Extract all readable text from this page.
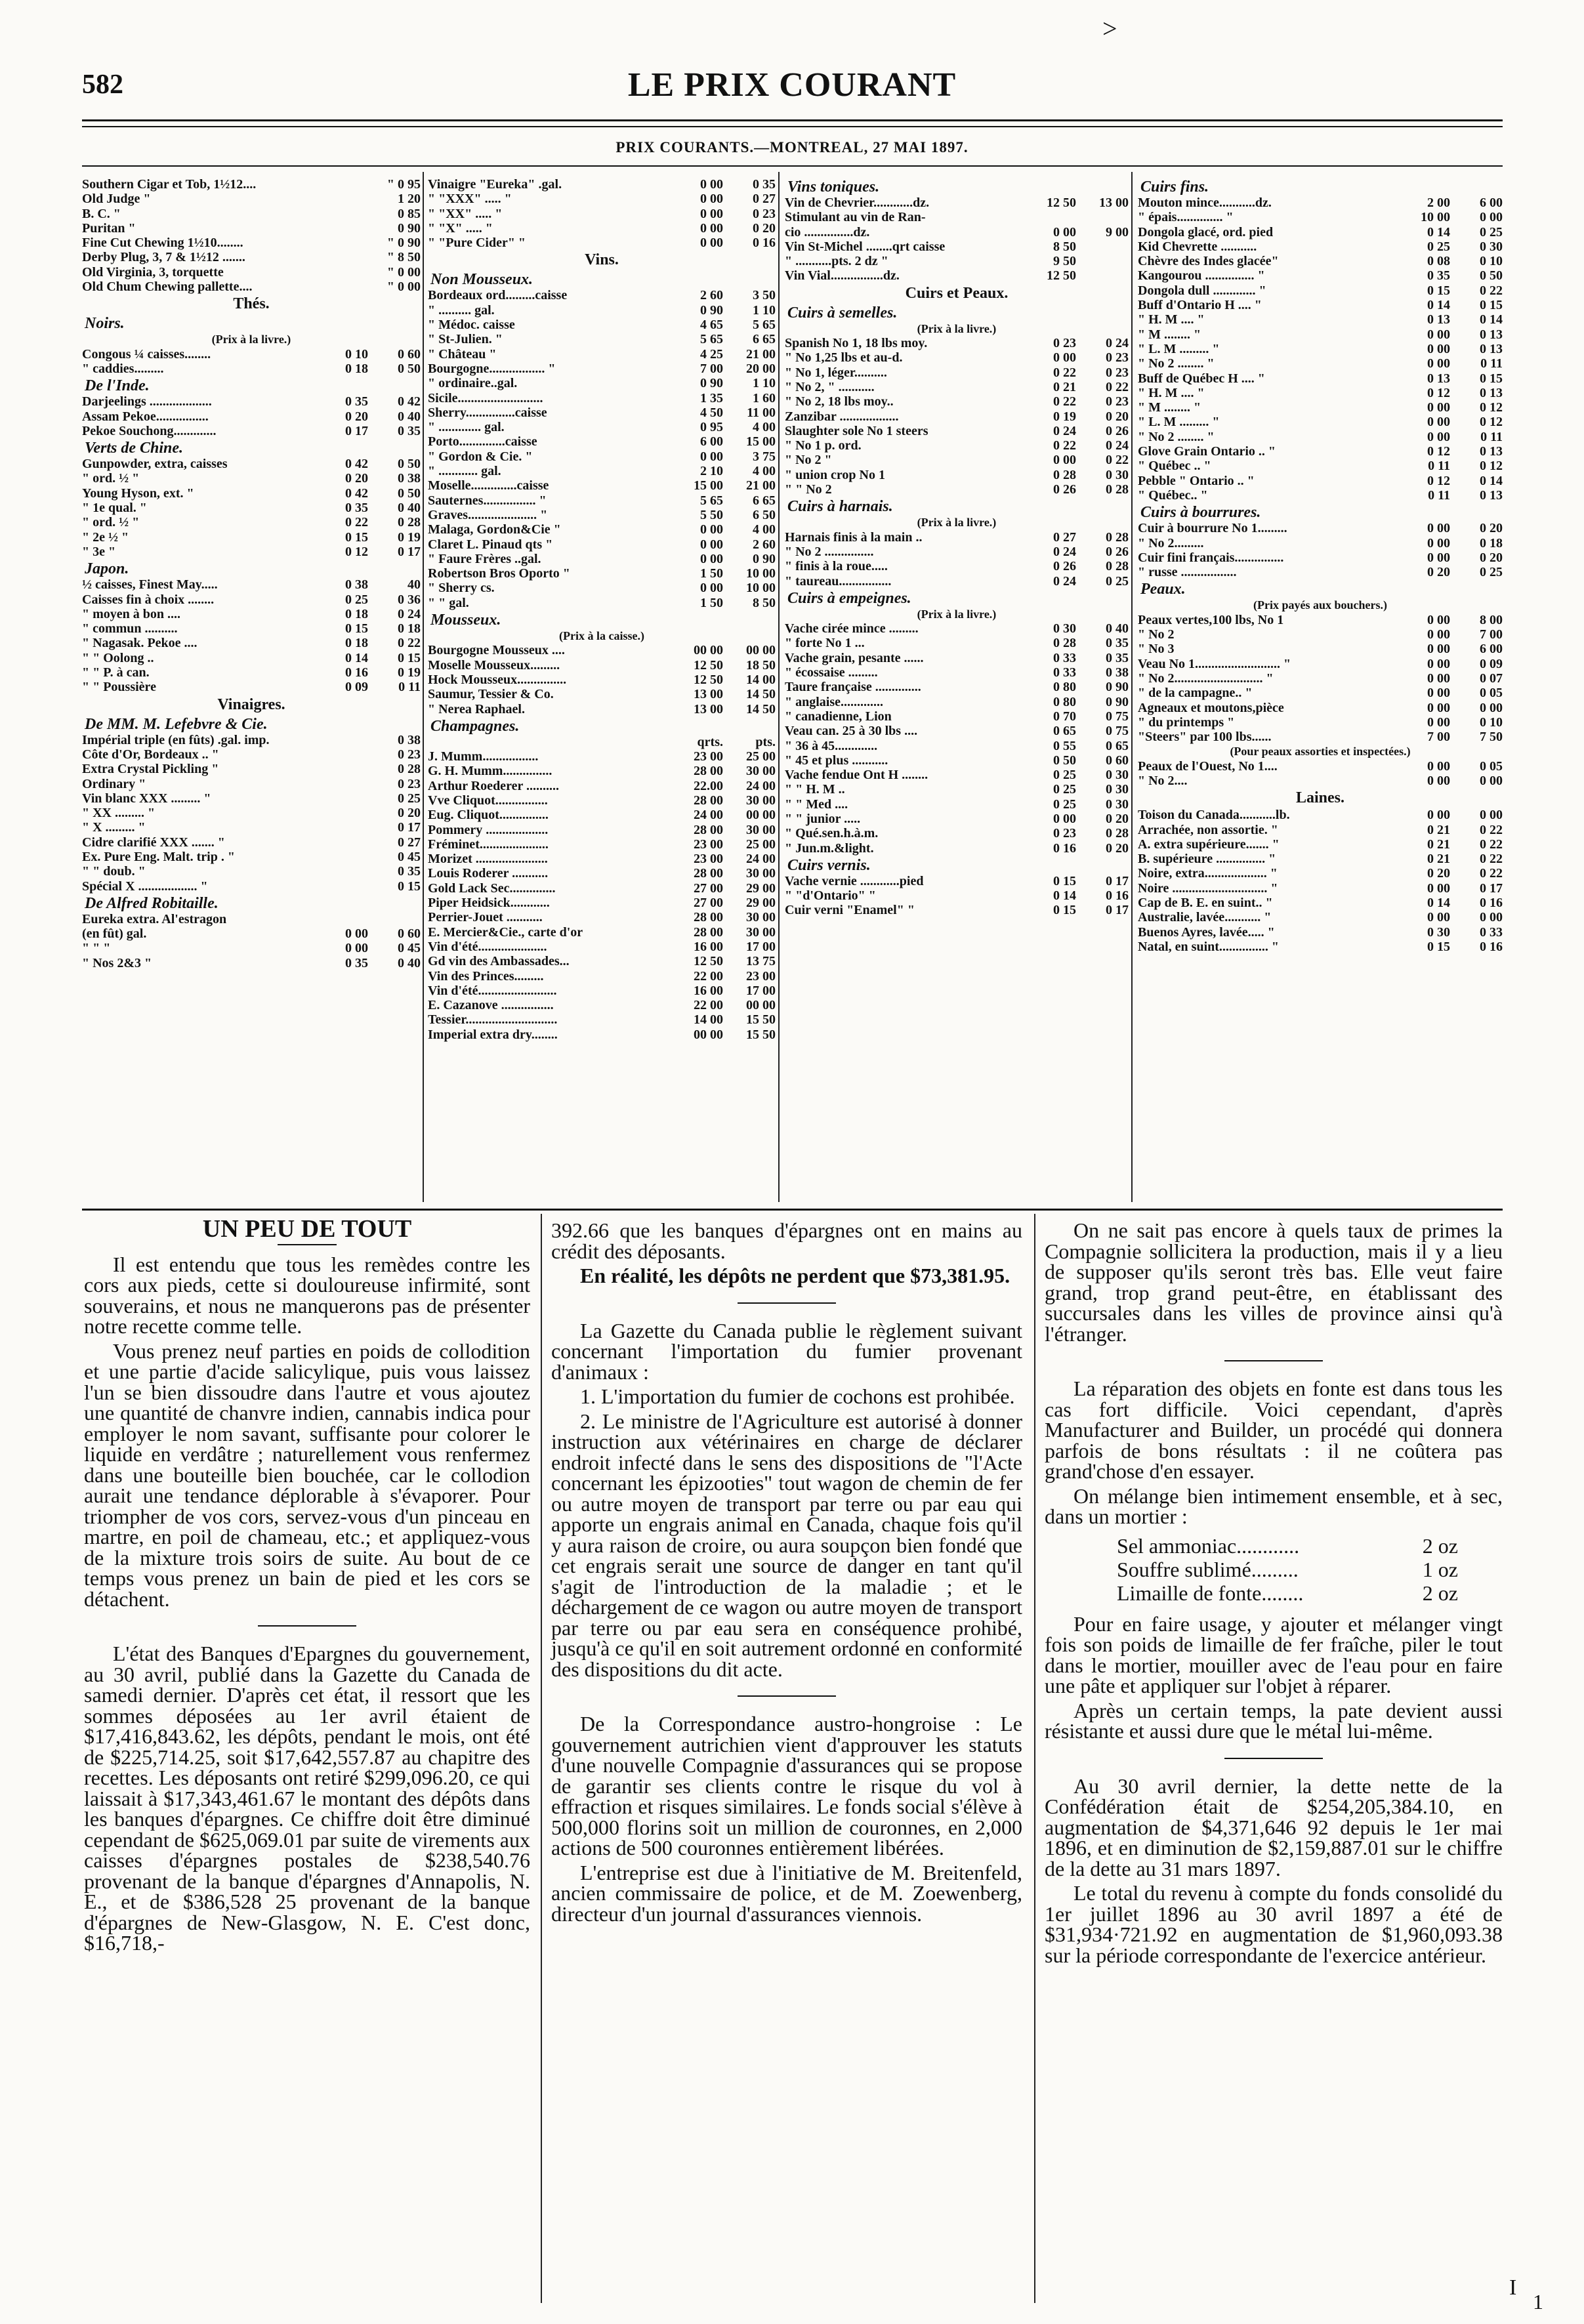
582	LE PRIX COURANT
>
PRIX COURANTS.—MONTREAL, 27 MAI 1897.
Southern Cigar et Tob, 1½12....	" 0 95
Old Judge "	1 20
B. C. "	0 85
Puritan "	0 90
Fine Cut Chewing 1½10........	" 0 90
Derby Plug, 3, 7 & 1½12 .......	" 8 50
Old Virginia, 3, torquette	" 0 00
Old Chum Chewing pallette....	" 0 00
Thés.
Noirs.
(Prix à la livre.)
Congous ¼ caisses........	0 10	0 60
" caddies.........	0 18	0 50
De l'Inde.
Darjeelings ...................	0 35	0 42
Assam Pekoe................	0 20	0 40
Pekoe Souchong.............	0 17	0 35
Verts de Chine.
Gunpowder, extra, caisses	0 42	0 50
" ord. ½ "	0 20	0 38
Young Hyson, ext. "	0 42	0 50
" 1e qual. "	0 35	0 40
" ord. ½ "	0 22	0 28
" 2e ½ "	0 15	0 19
" 3e "	0 12	0 17
Japon.
½ caisses, Finest May.....	0 38	40
Caisses fin à choix ........	0 25	0 36
" moyen à bon ....	0 18	0 24
" commun ..........	0 15	0 18
" Nagasak. Pekoe ....	0 18	0 22
" " Oolong ..	0 14	0 15
" " P. à can.	0 16	0 19
" " Poussière	0 09	0 11
Vinaigres.
De MM. M. Lefebvre & Cie.
Impérial triple (en fûts) .gal. imp.	0 38
Côte d'Or, Bordeaux .. "	0 23
Extra Crystal Pickling "	0 28
Ordinary "	0 23
Vin blanc XXX ......... "	0 25
" XX ......... "	0 20
" X ......... "	0 17
Cidre clarifié XXX ....... "	0 27
Ex. Pure Eng. Malt. trip . "	0 45
" " doub. "	0 35
Spécial X .................. "	0 15
De Alfred Robitaille.
Eureka extra. Al'estragon
(en fût) gal.	0 00	0 60
" " "	0 00	0 45
" Nos 2&3 "	0 35	0 40
Vinaigre "Eureka" .gal.	0 00	0 35
" "XXX" ..... "	0 00	0 27
" "XX" ..... "	0 00	0 23
" "X" ..... "	0 00	0 20
" "Pure Cider" "	0 00	0 16
Vins.
Non Mousseux.
Bordeaux ord.........caisse	2 60	3 50
" .......... gal.	0 90	1 10
" Médoc. caisse	4 65	5 65
" St-Julien. "	5 65	6 65
" Château "	4 25	21 00
Bourgogne................. "	7 00	20 00
" ordinaire..gal.	0 90	1 10
Sicile..........................	1 35	1 60
Sherry...............caisse	4 50	11 00
" ............. gal.	0 95	4 00
Porto..............caisse	6 00	15 00
" Gordon & Cie. "	0 00	3 75
" ............ gal.	2 10	4 00
Moselle..............caisse	15 00	21 00
Sauternes................ "	5 65	6 65
Graves..................... "	5 50	6 50
Malaga, Gordon&Cie "	0 00	4 00
Claret L. Pinaud qts "	0 00	2 60
" Faure Frères ..gal.	0 00	0 90
Robertson Bros Oporto "	1 50	10 00
" Sherry cs.	0 00	10 00
" " gal.	1 50	8 50
Mousseux.
(Prix à la caisse.)
Bourgogne Mousseux ....	00 00	00 00
Moselle Mousseux.........	12 50	18 50
Hock Mousseux...............	12 50	14 00
Saumur, Tessier & Co.	13 00	14 50
" Nerea Raphael.	13 00	14 50
Champagnes.
qrts.	pts.
J. Mumm.................	23 00	25 00
G. H. Mumm...............	28 00	30 00
Arthur Roederer ..........	22.00	24 00
Vve Cliquot................	28 00	30 00
Eug. Cliquot...............	24 00	00 00
Pommery ...................	28 00	30 00
Fréminet.....................	23 00	25 00
Morizet ......................	23 00	24 00
Louis Roderer ...........	28 00	30 00
Gold Lack Sec..............	27 00	29 00
Piper Heidsick............	27 00	29 00
Perrier-Jouet ...........	28 00	30 00
E. Mercier&Cie., carte d'or	28 00	30 00
Vin d'été.....................	16 00	17 00
Gd vin des Ambassades...	12 50	13 75
Vin des Princes.........	22 00	23 00
Vin d'été........................	16 00	17 00
E. Cazanove ................	22 00	00 00
Tessier............................	14 00	15 50
Imperial extra dry........	00 00	15 50
Vins toniques.
Vin de Chevrier............dz.	12 50	13 00
Stimulant au vin de Ran-
cio ...............dz.	0 00	9 00
Vin St-Michel ........qrt caisse	8 50
" ...........pts. 2 dz "	9 50
Vin Vial................dz.	12 50
Cuirs et Peaux.
Cuirs à semelles.
(Prix à la livre.)
Spanish No 1, 18 lbs moy.	0 23	0 24
" No 1,25 lbs et au-d.	0 00	0 23
" No 1, léger..........	0 22	0 23
" No 2, " ...........	0 21	0 22
" No 2, 18 lbs moy..	0 22	0 23
Zanzibar ..................	0 19	0 20
Slaughter sole No 1 steers	0 24	0 26
" No 1 p. ord.	0 22	0 24
" No 2 "	0 00	0 22
" union crop No 1	0 28	0 30
" " No 2	0 26	0 28
Cuirs à harnais.
(Prix à la livre.)
Harnais finis à la main ..	0 27	0 28
" No 2 ...............	0 24	0 26
" finis à la roue.....	0 26	0 28
" taureau................	0 24	0 25
Cuirs à empeignes.
(Prix à la livre.)
Vache cirée mince .........	0 30	0 40
" forte No 1 ...	0 28	0 35
Vache grain, pesante ......	0 33	0 35
" écossaise .........	0 33	0 38
Taure française ..............	0 80	0 90
" anglaise.............	0 80	0 90
" canadienne, Lion	0 70	0 75
Veau can. 25 à 30 lbs ....	0 65	0 75
" 36 à 45.............	0 55	0 65
" 45 et plus ...........	0 50	0 60
Vache fendue Ont H ........	0 25	0 30
" " H. M ..	0 25	0 30
" " Med ....	0 25	0 30
" " junior .....	0 00	0 20
" Qué.sen.h.à.m.	0 23	0 28
" Jun.m.&light.	0 16	0 20
Cuirs vernis.
Vache vernie ............pied	0 15	0 17
" "d'Ontario" "	0 14	0 16
Cuir verni "Enamel" "	0 15	0 17
Cuirs fins.
Mouton mince...........dz.	2 00	6 00
" épais.............. "	10 00	0 00
Dongola glacé, ord. pied	0 14	0 25
Kid Chevrette ...........	0 25	0 30
Chèvre des Indes glacée"	0 08	0 10
Kangourou ............... "	0 35	0 50
Dongola dull ............. "	0 15	0 22
Buff d'Ontario H .... "	0 14	0 15
" H. M .... "	0 13	0 14
" M ........ "	0 00	0 13
" L. M ......... "	0 00	0 13
" No 2 ........ "	0 00	0 11
Buff de Québec H .... "	0 13	0 15
" H. M .... "	0 12	0 13
" M ........ "	0 00	0 12
" L. M ......... "	0 00	0 12
" No 2 ........ "	0 00	0 11
Glove Grain Ontario .. "	0 12	0 13
" Québec .. "	0 11	0 12
Pebble " Ontario .. "	0 12	0 14
" Québec.. "	0 11	0 13
Cuirs à bourrures.
Cuir à bourrure No 1.........	0 00	0 20
" No 2.........	0 00	0 18
Cuir fini français...............	0 00	0 20
" russe .................	0 20	0 25
Peaux.
(Prix payés aux bouchers.)
Peaux vertes,100 lbs, No 1	0 00	8 00
" No 2	0 00	7 00
" No 3	0 00	6 00
Veau No 1.......................... "	0 00	0 09
" No 2........................... "	0 00	0 07
" de la campagne.. "	0 00	0 05
Agneaux et moutons,pièce	0 00	0 00
" du printemps "	0 00	0 10
"Steers" par 100 lbs......	7 00	7 50
(Pour peaux assorties et inspectées.)
Peaux de l'Ouest, No 1....	0 00	0 05
" No 2....	0 00	0 00
Laines.
Toison du Canada...........lb.	0 00	0 00
Arrachée, non assortie. "	0 21	0 22
A. extra supérieure....... "	0 21	0 22
B. supérieure ............... "	0 21	0 22
Noire, extra................... "	0 20	0 22
Noire ............................. "	0 00	0 17
Cap de B. E. en suint.. "	0 14	0 16
Australie, lavée........... "	0 00	0 00
Buenos Ayres, lavée..... "	0 30	0 33
Natal, en suint............... "	0 15	0 16
UN PEU DE TOUT

Il est entendu que tous les remèdes contre les cors aux pieds, cette si douloureuse infirmité, sont souverains, et nous ne manquerons pas de présenter notre recette comme telle.

Vous prenez neuf parties en poids de collodition et une partie d'acide salicylique, puis vous laissez l'un se bien dissoudre dans l'autre et vous ajoutez une quantité de chanvre indien, cannabis indica pour employer le nom savant, suffisante pour colorer le liquide en verdâtre ; naturellement vous renfermez dans une bouteille bien bouchée, car le collodion aurait une tendance déplorable à s'évaporer. Pour triompher de vos cors, servez-vous d'un pinceau en martre, en poil de chameau, etc.; et appliquez-vous de la mixture trois soirs de suite. Au bout de ce temps vous prenez un bain de pied et les cors se détachent.

L'état des Banques d'Epargnes du gouvernement, au 30 avril, publié dans la Gazette du Canada de samedi dernier. D'après cet état, il ressort que les sommes déposées au 1er avril étaient de $17,416,843.62, les dépôts, pendant le mois, ont été de $225,714.25, soit $17,642,557.87 au chapitre des recettes. Les déposants ont retiré $299,096.20, ce qui laissait à $17,343,461.67 le montant des dépôts dans les banques d'épargnes. Ce chiffre doit être diminué cependant de $625,069.01 par suite de virements aux caisses d'épargnes postales de $238,540.76 provenant de la banque d'épargnes d'Annapolis, N. E., et de $386,528 25 provenant de la banque d'épargnes de New-Glasgow, N. E. C'est donc, $16,718,-

392.66 que les banques d'épargnes ont en mains au crédit des déposants.

En réalité, les dépôts ne perdent que $73,381.95.

La Gazette du Canada publie le règlement suivant concernant l'importation du fumier provenant d'animaux :

1. L'importation du fumier de cochons est prohibée.

2. Le ministre de l'Agriculture est autorisé à donner instruction aux vétérinaires en charge de déclarer endroit infecté dans le sens des dispositions de "l'Acte concernant les épizooties" tout wagon de chemin de fer ou autre moyen de transport par terre ou par eau qui apporte un engrais animal en Canada, chaque fois qu'il y aura raison de croire, ou aura soupçon bien fondé que cet engrais serait une source de danger en tant qu'il s'agit de l'introduction de la maladie ; et le déchargement de ce wagon ou autre moyen de transport par terre ou par eau sera en conséquence prohibé, jusqu'à ce qu'il en soit autrement ordonné en conformité des dispositions du dit acte.

De la Correspondance austro-hongroise : Le gouvernement autrichien vient d'approuver les statuts d'une nouvelle Compagnie d'assurances qui se propose de garantir ses clients contre le risque du vol à effraction et risques similaires. Le fonds social s'élève à 500,000 florins soit un million de couronnes, en 2,000 actions de 500 couronnes entièrement libérées.

L'entreprise est due à l'initiative de M. Breitenfeld, ancien commissaire de police, et de M. Zoewenberg, directeur d'un journal d'assurances viennois.

On ne sait pas encore à quels taux de primes la Compagnie sollicitera la production, mais il y a lieu de supposer qu'ils seront très bas. Elle veut faire grand, trop grand peut-être, en établissant des succursales dans les villes de province ainsi qu'à l'étranger.

La réparation des objets en fonte est dans tous les cas fort difficile. Voici cependant, d'après Manufacturer and Builder, un procédé qui donnera parfois de bons résultats : il ne coûtera pas grand'chose d'en essayer.

On mélange bien intimement ensemble, et à sec, dans un mortier :

Sel ammoniac............	2 oz
Souffre sublimé.........	1 oz
Limaille de fonte........	2 oz

Pour en faire usage, y ajouter et mélanger vingt fois son poids de limaille de fer fraîche, piler le tout dans le mortier, mouiller avec de l'eau pour en faire une pâte et appliquer sur l'objet à réparer.

Après un certain temps, la pate devient aussi résistante et aussi dure que le métal lui-même.

Au 30 avril dernier, la dette nette de la Confédération était de $254,205,384.10, en augmentation de $4,371,646 92 depuis le 1er mai 1896, et en diminution de $2,159,887.01 sur le chiffre de la dette au 31 mars 1897.

Le total du revenu à compte du fonds consolidé du 1er juillet 1896 au 30 avril 1897 a été de $31,934·721.92 en augmentation de $1,960,093.38 sur la période correspondante de l'exercice antérieur.

I
1
